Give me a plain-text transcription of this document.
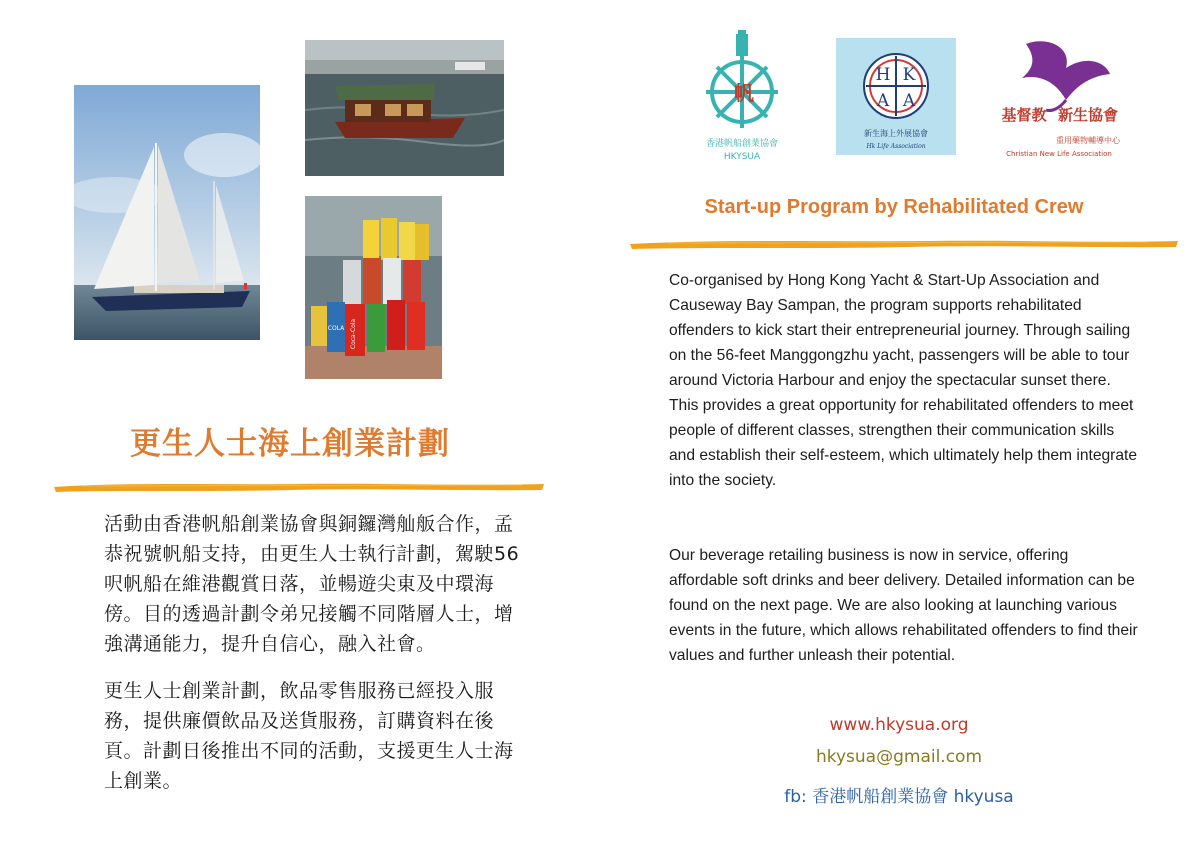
Coca-Cola
COLA
更生人士海上創業計劃
活動由香港帆船創業協會與銅鑼灣舢舨合作，孟恭祝號帆船支持，由更生人士執行計劃，駕駛56呎帆船在維港觀賞日落，並暢遊尖東及中環海傍。目的透過計劃令弟兄接觸不同階層人士，增強溝通能力，提升自信心，融入社會。
更生人士創業計劃，飲品零售服務已經投入服務，提供廉價飲品及送貨服務，訂購資料在後頁。計劃日後推出不同的活動，支援更生人士海上創業。
帆
香港帆船創業協會
HKYSUA
H K
A A
新生海上外展協會
Hk Life Association
基督教 新生協會
重用藥物輔導中心
Christian New Life Association
Start-up Program by Rehabilitated Crew
Co-organised by Hong Kong Yacht & Start-Up Association and Causeway Bay Sampan, the program supports rehabilitated offenders to kick start their entrepreneurial journey. Through sailing on the 56-feet Manggongzhu yacht, passengers will be able to tour around Victoria Harbour and enjoy the spectacular sunset there. This provides a great opportunity for rehabilitated offenders to meet people of different classes, strengthen their communication skills and establish their self-esteem, which ultimately help them integrate into the society.
Our beverage retailing business is now in service, offering affordable soft drinks and beer delivery. Detailed information can be found on the next page. We are also looking at launching various events in the future, which allows rehabilitated offenders to find their values and further unleash their potential.
www.hkysua.org
hkysua@gmail.com
fb: 香港帆船創業協會 hkyusa
